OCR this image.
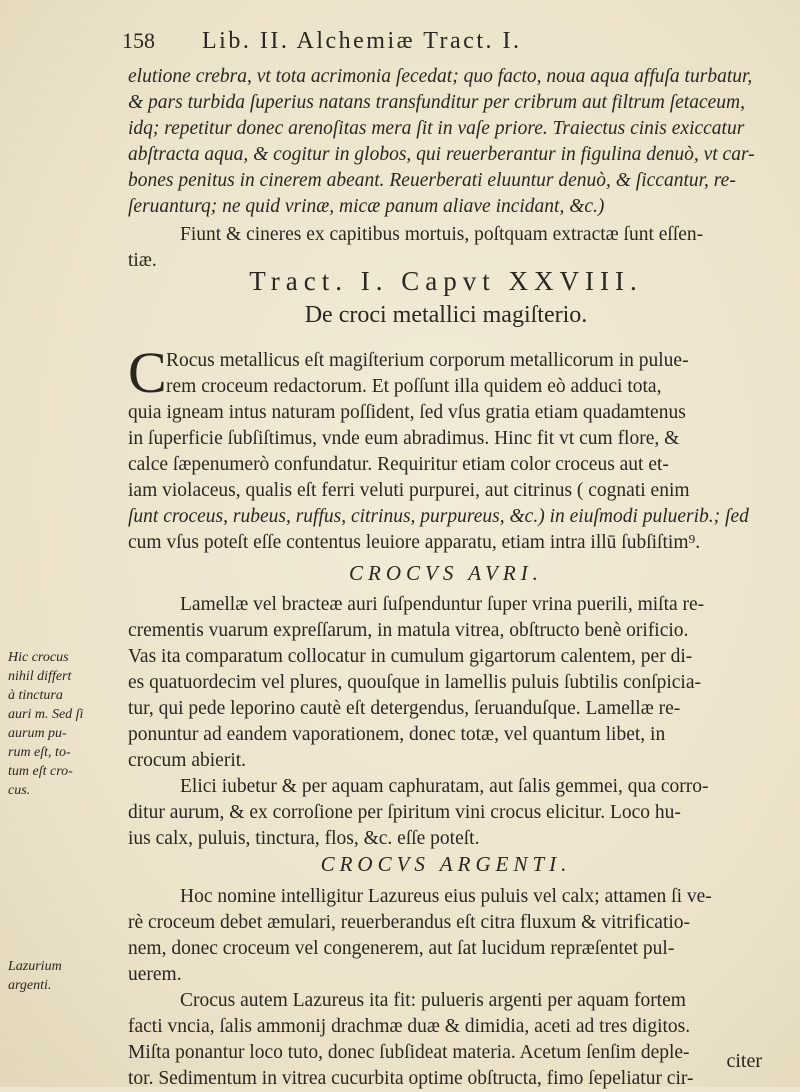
158 Lib. II. Alchemiæ Tract. I.
Hic crocus
nihil differt
à tinctura
auri m. Sed ſi
aurum pu-
rum eſt, to-
tum eſt cro-
cus.
Lazurium
argenti.
elutione crebra, vt tota acrimonia ſecedat; quo facto, noua aqua affuſa turbatur,
& pars turbida ſuperius natans transfunditur per cribrum aut filtrum ſetaceum,
idq; repetitur donec arenoſitas mera ſit in vaſe priore. Traiectus cinis exiccatur
abſtracta aqua, & cogitur in globos, qui reuerberantur in figulina denuò, vt car-
bones penitus in cinerem abeant. Reuerberati eluuntur denuò, & ſiccantur, re-
ſeruanturq; ne quid vrinæ, micæ panum aliave incidant, &c.)
Fiunt & cineres ex capitibus mortuis, poſtquam extractæ ſunt eſſen-
tiæ.
Tract. I. Capvt XXVIII.
De croci metallici magiſterio.
C Rocus metallicus eſt magiſterium corporum metallicorum in pulue-
rem croceum redactorum. Et poſſunt illa quidem eò adduci tota,
quia igneam intus naturam poſſident, ſed vſus gratia etiam quadamtenus
in ſuperficie ſubſiſtimus, vnde eum abradimus. Hinc fit vt cum flore, &
calce ſæpenumerò confundatur. Requiritur etiam color croceus aut et-
iam violaceus, qualis eſt ferri veluti purpurei, aut citrinus ( cognati enim
ſunt croceus, rubeus, ruffus, citrinus, purpureus, &c.) in eiuſmodi puluerib.; ſed
cum vſus poteſt eſſe contentus leuiore apparatu, etiam intra illū ſubſiſtim⁹.
CROCVS AVRI.
Lamellæ vel bracteæ auri ſuſpenduntur ſuper vrina puerili, miſta re-
crementis vuarum expreſſarum, in matula vitrea, obſtructo benè orificio.
Vas ita comparatum collocatur in cumulum gigartorum calentem, per di-
es quatuordecim vel plures, quouſque in lamellis puluis ſubtilis conſpicia-
tur, qui pede leporino cautè eſt detergendus, ſeruanduſque. Lamellæ re-
ponuntur ad eandem vaporationem, donec totæ, vel quantum libet, in
crocum abierit.
Elici iubetur & per aquam caphuratam, aut ſalis gemmei, qua corro-
ditur aurum, & ex corroſione per ſpiritum vini crocus elicitur. Loco hu-
ius calx, puluis, tinctura, flos, &c. eſſe poteſt.
CROCVS ARGENTI.
Hoc nomine intelligitur Lazureus eius puluis vel calx; attamen ſi ve-
rè croceum debet æmulari, reuerberandus eſt citra fluxum & vitrificatio-
nem, donec croceum vel congenerem, aut ſat lucidum repræſentet pul-
uerem.
Crocus autem Lazureus ita fit: pulueris argenti per aquam fortem
facti vncia, ſalis ammonij drachmæ duæ & dimidia, aceti ad tres digitos.
Miſta ponantur loco tuto, donec ſubſideat materia. Acetum ſenſim deple-
tor. Sedimentum in vitrea cucurbita optime obſtructa, fimo ſepeliatur cir-
citer
